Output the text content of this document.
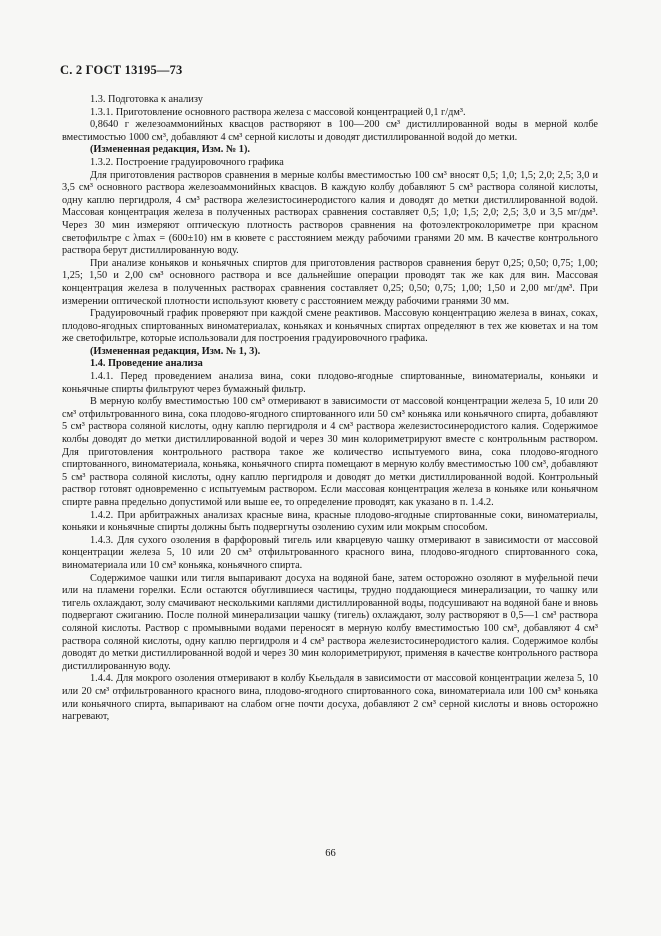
С. 2 ГОСТ 13195—73

1.3. Подготовка к анализу

1.3.1. Приготовление основного раствора железа с массовой концентрацией 0,1 г/дм³.

0,8640 г железоаммонийных квасцов растворяют в 100—200 см³ дистиллированной воды в мерной колбе вместимостью 1000 см³, добавляют 4 см³ серной кислоты и доводят дистиллированной водой до метки.

(Измененная редакция, Изм. № 1).

1.3.2. Построение градуировочного графика

Для приготовления растворов сравнения в мерные колбы вместимостью 100 см³ вносят 0,5; 1,0; 1,5; 2,0; 2,5; 3,0 и 3,5 см³ основного раствора железоаммонийных квасцов. В каждую колбу добавляют 5 см³ раствора соляной кислоты, одну каплю пергидроля, 4 см³ раствора железистосинеродистого калия и доводят до метки дистиллированной водой. Массовая концентрация железа в полученных растворах сравнения составляет 0,5; 1,0; 1,5; 2,0; 2,5; 3,0 и 3,5 мг/дм³. Через 30 мин измеряют оптическую плотность растворов сравнения на фотоэлектроколориметре при красном светофильтре с λmax = (600±10) нм в кювете с расстоянием между рабочими гранями 20 мм. В качестве контрольного раствора берут дистиллированную воду.

При анализе коньяков и коньячных спиртов для приготовления растворов сравнения берут 0,25; 0,50; 0,75; 1,00; 1,25; 1,50 и 2,00 см³ основного раствора и все дальнейшие операции проводят так же как для вин. Массовая концентрация железа в полученных растворах сравнения составляет 0,25; 0,50; 0,75; 1,00; 1,50 и 2,00 мг/дм³. При измерении оптической плотности используют кювету с расстоянием между рабочими гранями 30 мм.

Градуировочный график проверяют при каждой смене реактивов. Массовую концентрацию железа в винах, соках, плодово-ягодных спиртованных виноматериалах, коньяках и коньячных спиртах определяют в тех же кюветах и на том же светофильтре, которые использовали для построения градуировочного графика.

(Измененная редакция, Изм. № 1, 3).

1.4. Проведение анализа

1.4.1. Перед проведением анализа вина, соки плодово-ягодные спиртованные, виноматериалы, коньяки и коньячные спирты фильтруют через бумажный фильтр.

В мерную колбу вместимостью 100 см³ отмеривают в зависимости от массовой концентрации железа 5, 10 или 20 см³ отфильтрованного вина, сока плодово-ягодного спиртованного или 50 см³ коньяка или коньячного спирта, добавляют 5 см³ раствора соляной кислоты, одну каплю пергидроля и 4 см³ раствора железистосинеродистого калия. Содержимое колбы доводят до метки дистиллированной водой и через 30 мин колориметрируют вместе с контрольным раствором. Для приготовления контрольного раствора такое же количество испытуемого вина, сока плодово-ягодного спиртованного, виноматериала, коньяка, коньячного спирта помещают в мерную колбу вместимостью 100 см³, добавляют 5 см³ раствора соляной кислоты, одну каплю пергидроля и доводят до метки дистиллированной водой. Контрольный раствор готовят одновременно с испытуемым раствором. Если массовая концентрация железа в коньяке или коньячном спирте равна предельно допустимой или выше ее, то определение проводят, как указано в п. 1.4.2.

1.4.2. При арбитражных анализах красные вина, красные плодово-ягодные спиртованные соки, виноматериалы, коньяки и коньячные спирты должны быть подвергнуты озолению сухим или мокрым способом.

1.4.3. Для сухого озоления в фарфоровый тигель или кварцевую чашку отмеривают в зависимости от массовой концентрации железа 5, 10 или 20 см³ отфильтрованного красного вина, плодово-ягодного спиртованного сока, виноматериала или 10 см³ коньяка, коньячного спирта.

Содержимое чашки или тигля выпаривают досуха на водяной бане, затем осторожно озоляют в муфельной печи или на пламени горелки. Если остаются обуглившиеся частицы, трудно поддающиеся минерализации, то чашку или тигель охлаждают, золу смачивают несколькими каплями дистиллированной воды, подсушивают на водяной бане и вновь подвергают сжиганию. После полной минерализации чашку (тигель) охлаждают, золу растворяют в 0,5—1 см³ раствора соляной кислоты. Раствор с промывными водами переносят в мерную колбу вместимостью 100 см³, добавляют 4 см³ раствора соляной кислоты, одну каплю пергидроля и 4 см³ раствора железистосинеродистого калия. Содержимое колбы доводят до метки дистиллированной водой и через 30 мин колориметрируют, применяя в качестве контрольного раствора дистиллированную воду.

1.4.4. Для мокрого озоления отмеривают в колбу Кьельдаля в зависимости от массовой концентрации железа 5, 10 или 20 см³ отфильтрованного красного вина, плодово-ягодного спиртованного сока, виноматериала или 100 см³ коньяка или коньячного спирта, выпаривают на слабом огне почти досуха, добавляют 2 см³ серной кислоты и вновь осторожно нагревают,

66
